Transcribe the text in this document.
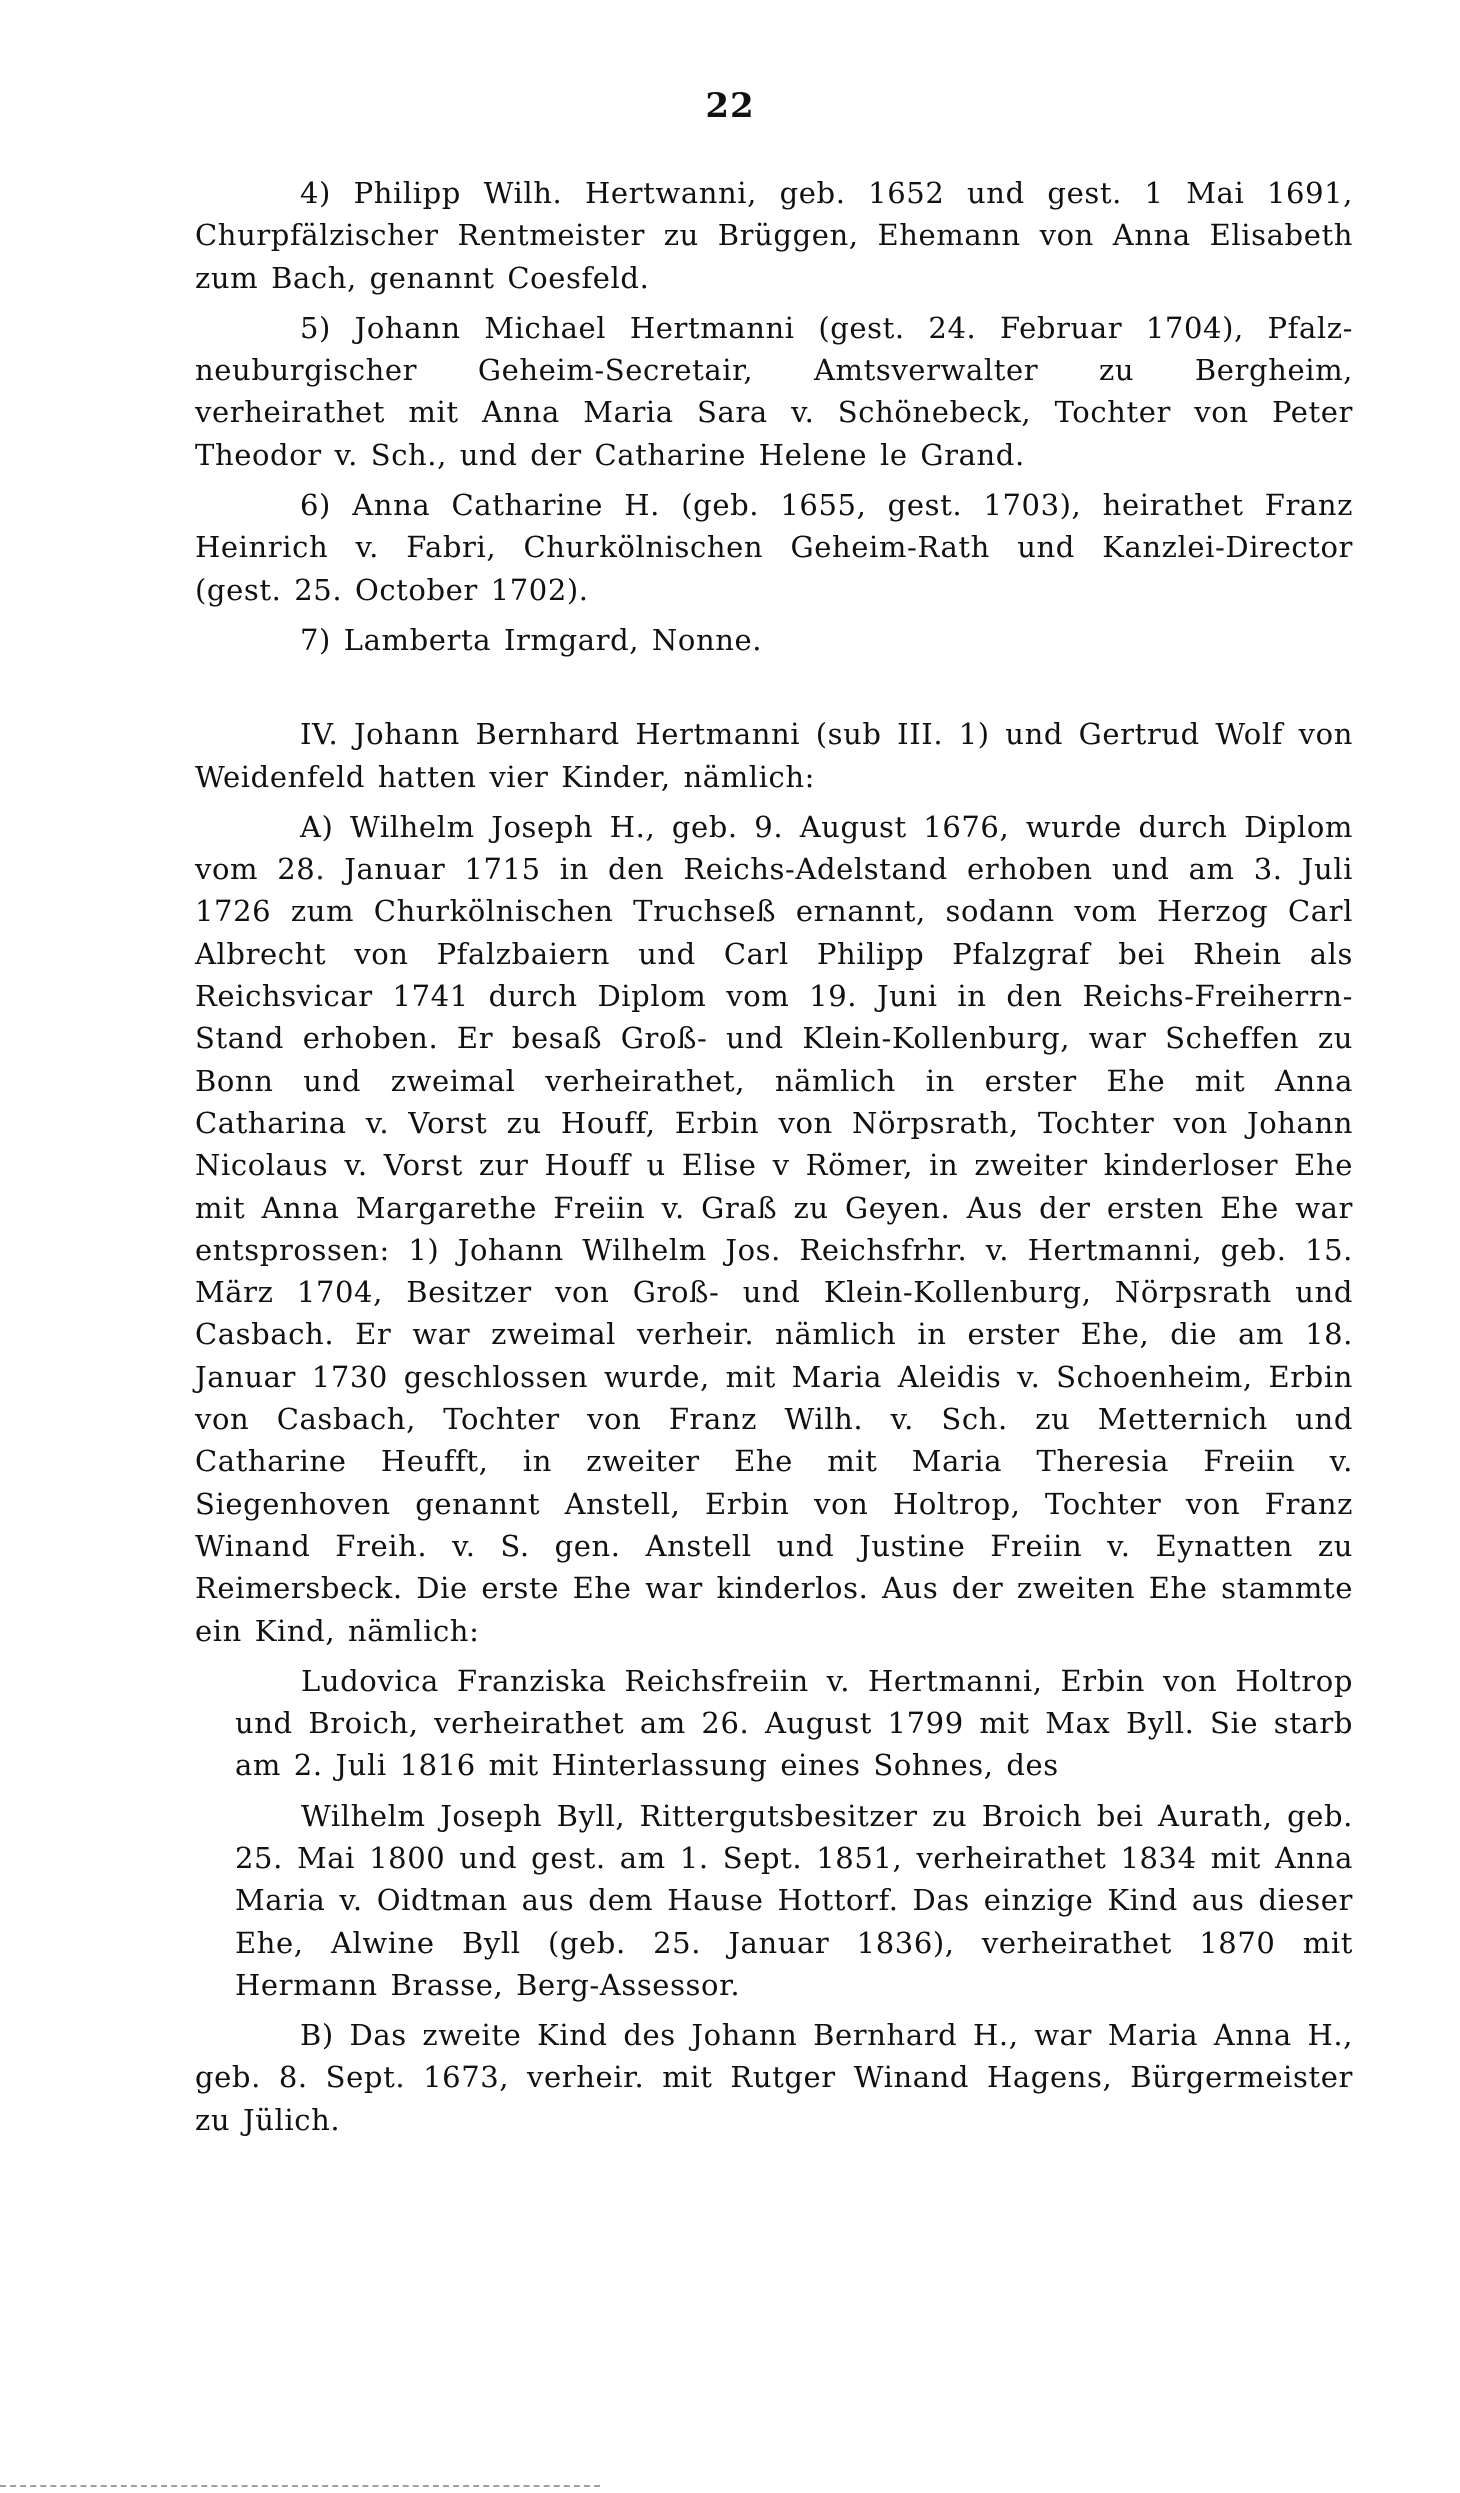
22

4) Philipp Wilh. Hertwanni, geb. 1652 und gest. 1 Mai 1691, Churpfälzischer Rentmeister zu Brüggen, Ehemann von Anna Elisabeth zum Bach, genannt Coesfeld.

5) Johann Michael Hertmanni (gest. 24. Februar 1704), Pfalz-neuburgischer Geheim-Secretair, Amtsverwalter zu Bergheim, verheirathet mit Anna Maria Sara v. Schönebeck, Tochter von Peter Theodor v. Sch., und der Catharine Helene le Grand.

6) Anna Catharine H. (geb. 1655, gest. 1703), heirathet Franz Heinrich v. Fabri, Churkölnischen Geheim-Rath und Kanzlei-Director (gest. 25. October 1702).

7) Lamberta Irmgard, Nonne.

IV. Johann Bernhard Hertmanni (sub III. 1) und Gertrud Wolf von Weidenfeld hatten vier Kinder, nämlich:

A) Wilhelm Joseph H., geb. 9. August 1676, wurde durch Diplom vom 28. Januar 1715 in den Reichs-Adelstand erhoben und am 3. Juli 1726 zum Churkölnischen Truchseß ernannt, sodann vom Herzog Carl Albrecht von Pfalzbaiern und Carl Philipp Pfalzgraf bei Rhein als Reichsvicar 1741 durch Diplom vom 19. Juni in den Reichs-Freiherrn-Stand erhoben. Er besaß Groß- und Klein-Kollenburg, war Scheffen zu Bonn und zweimal verheirathet, nämlich in erster Ehe mit Anna Catharina v. Vorst zu Houff, Erbin von Nörpsrath, Tochter von Johann Nicolaus v. Vorst zur Houff u Elise v Römer, in zweiter kinderloser Ehe mit Anna Margarethe Freiin v. Graß zu Geyen. Aus der ersten Ehe war entsprossen: 1) Johann Wilhelm Jos. Reichsfrhr. v. Hertmanni, geb. 15. März 1704, Besitzer von Groß- und Klein-Kollenburg, Nörpsrath und Casbach. Er war zweimal verheir. nämlich in erster Ehe, die am 18. Januar 1730 geschlossen wurde, mit Maria Aleidis v. Schoenheim, Erbin von Casbach, Tochter von Franz Wilh. v. Sch. zu Metternich und Catharine Heufft, in zweiter Ehe mit Maria Theresia Freiin v. Siegenhoven genannt Anstell, Erbin von Holtrop, Tochter von Franz Winand Freih. v. S. gen. Anstell und Justine Freiin v. Eynatten zu Reimersbeck. Die erste Ehe war kinderlos. Aus der zweiten Ehe stammte ein Kind, nämlich:

Ludovica Franziska Reichsfreiin v. Hertmanni, Erbin von Holtrop und Broich, verheirathet am 26. August 1799 mit Max Byll. Sie starb am 2. Juli 1816 mit Hinterlassung eines Sohnes, des

Wilhelm Joseph Byll, Rittergutsbesitzer zu Broich bei Aurath, geb. 25. Mai 1800 und gest. am 1. Sept. 1851, verheirathet 1834 mit Anna Maria v. Oidtman aus dem Hause Hottorf. Das einzige Kind aus dieser Ehe, Alwine Byll (geb. 25. Januar 1836), verheirathet 1870 mit Hermann Brasse, Berg-Assessor.

B) Das zweite Kind des Johann Bernhard H., war Maria Anna H., geb. 8. Sept. 1673, verheir. mit Rutger Winand Hagens, Bürgermeister zu Jülich.
